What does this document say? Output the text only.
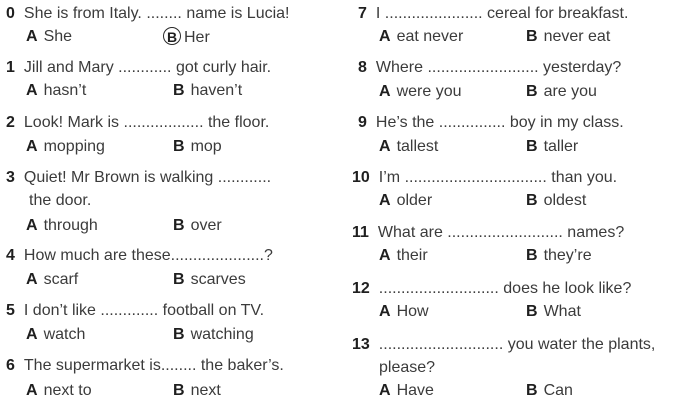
0 She is from Italy. ........ name is Lucia!
A She	B Her
1 Jill and Mary ............ got curly hair.
A hasn’t	B haven’t
2 Look! Mark is .................. the floor.
A mopping	B mop
3 Quiet! Mr Brown is walking ............
the door.
A through	B over
4 How much are these.....................?
A scarf	B scarves
5 I don’t like ............. football on TV.
A watch	B watching
6 The supermarket is........ the baker’s.
A next to	B next
7 I ...................... cereal for breakfast.
A eat never	B never eat
8 Where ......................... yesterday?
A were you	B are you
9 He’s the ............... boy in my class.
A tallest	B taller
10 I’m ................................ than you.
A older	B oldest
11 What are .......................... names?
A their	B they’re
12 ........................... does he look like?
A How	B What
13 ............................ you water the plants,
please?
A Have	B Can
